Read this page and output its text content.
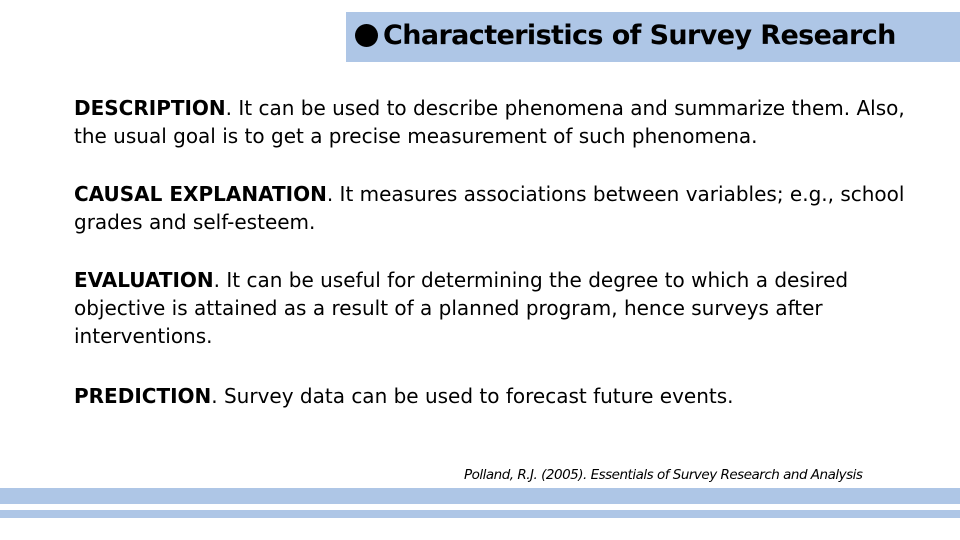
Characteristics of Survey Research
DESCRIPTION. It can be used to describe phenomena and summarize them. Also, the usual goal is to get a precise measurement of such phenomena.
CAUSAL EXPLANATION. It measures associations between variables; e.g., school grades and self-esteem.
EVALUATION. It can be useful for determining the degree to which a desired objective is attained as a result of a planned program, hence surveys after interventions.
PREDICTION. Survey data can be used to forecast future events.
Polland, R.J. (2005). Essentials of Survey Research and Analysis
